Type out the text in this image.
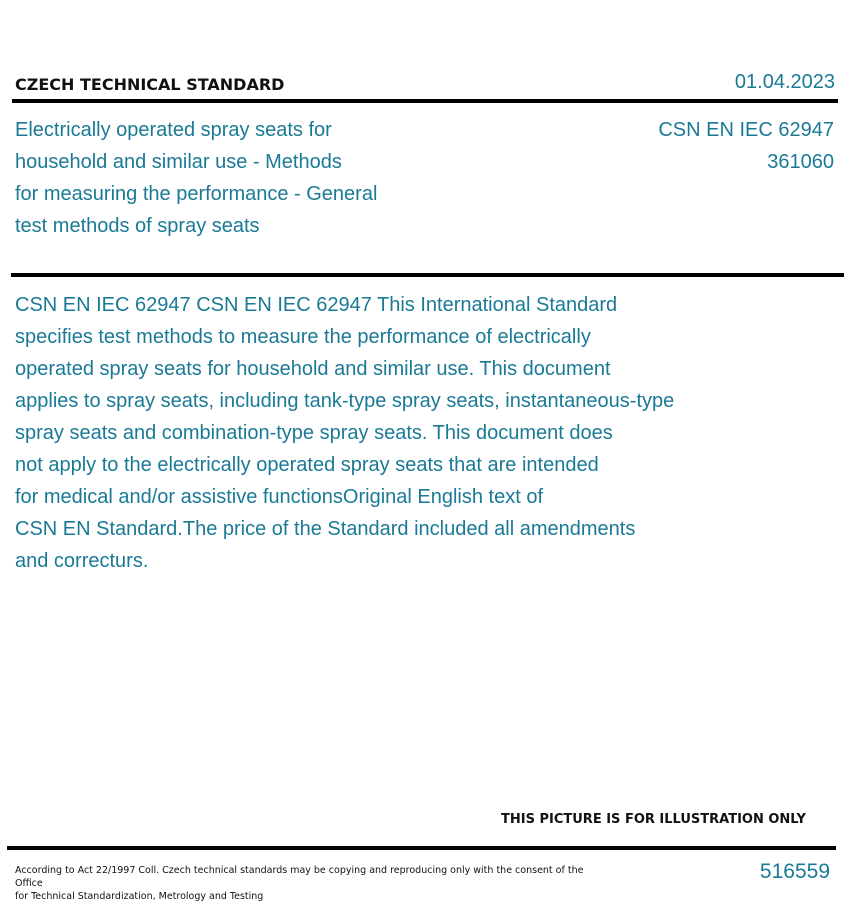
CZECH TECHNICAL STANDARD	01.04.2023
Electrically operated spray seats for
household and similar use - Methods
for measuring the performance - General
test methods of spray seats
CSN EN IEC 62947
361060
CSN EN IEC 62947 CSN EN IEC 62947 This International Standard
specifies test methods to measure the performance of electrically
operated spray seats for household and similar use. This document
applies to spray seats, including tank-type spray seats, instantaneous-type
spray seats and combination-type spray seats. This document does
not apply to the electrically operated spray seats that are intended
for medical and/or assistive functionsOriginal English text of
CSN EN Standard.The price of the Standard included all amendments
and correcturs.
THIS PICTURE IS FOR ILLUSTRATION ONLY
According to Act 22/1997 Coll. Czech technical standards may be copying and reproducing only with the consent of the Office
for Technical Standardization, Metrology and Testing
516559
